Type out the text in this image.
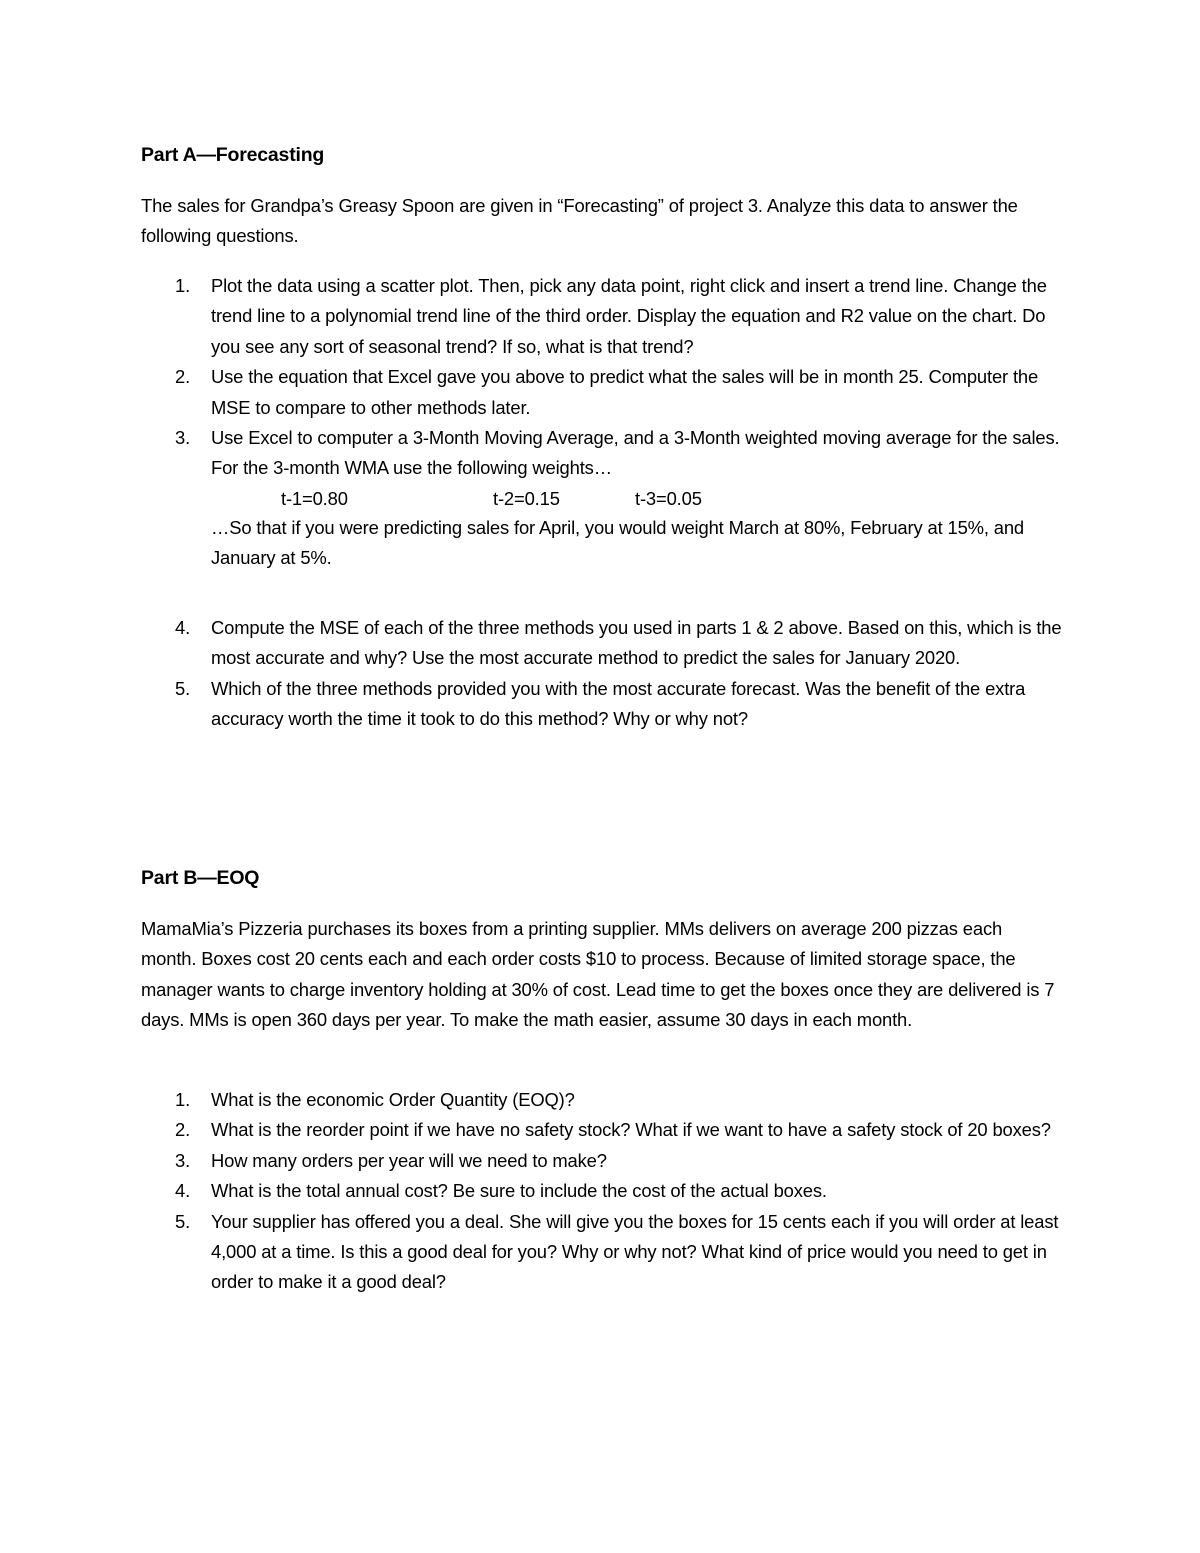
Part A—Forecasting

The sales for Grandpa’s Greasy Spoon are given in “Forecasting” of project 3. Analyze this data to answer the following questions.

1.	Plot the data using a scatter plot. Then, pick any data point, right click and insert a trend line. Change the trend line to a polynomial trend line of the third order. Display the equation and R2 value on the chart. Do you see any sort of seasonal trend? If so, what is that trend?
2.	Use the equation that Excel gave you above to predict what the sales will be in month 25. Computer the MSE to compare to other methods later.
3.	Use Excel to computer a 3-Month Moving Average, and a 3-Month weighted moving average for the sales. For the 3-month WMA use the following weights…
t-1=0.80	t-2=0.15	t-3=0.05

…So that if you were predicting sales for April, you would weight March at 80%, February at 15%, and January at 5%.

4.	Compute the MSE of each of the three methods you used in parts 1 & 2 above. Based on this, which is the most accurate and why? Use the most accurate method to predict the sales for January 2020.
5.	Which of the three methods provided you with the most accurate forecast. Was the benefit of the extra accuracy worth the time it took to do this method? Why or why not?
Part B—EOQ

MamaMia’s Pizzeria purchases its boxes from a printing supplier. MMs delivers on average 200 pizzas each month. Boxes cost 20 cents each and each order costs $10 to process. Because of limited storage space, the manager wants to charge inventory holding at 30% of cost. Lead time to get the boxes once they are delivered is 7 days. MMs is open 360 days per year. To make the math easier, assume 30 days in each month.

1.	What is the economic Order Quantity (EOQ)?
2.	What is the reorder point if we have no safety stock? What if we want to have a safety stock of 20 boxes?
3.	How many orders per year will we need to make?
4.	What is the total annual cost? Be sure to include the cost of the actual boxes.
5.	Your supplier has offered you a deal. She will give you the boxes for 15 cents each if you will order at least 4,000 at a time. Is this a good deal for you? Why or why not? What kind of price would you need to get in order to make it a good deal?
